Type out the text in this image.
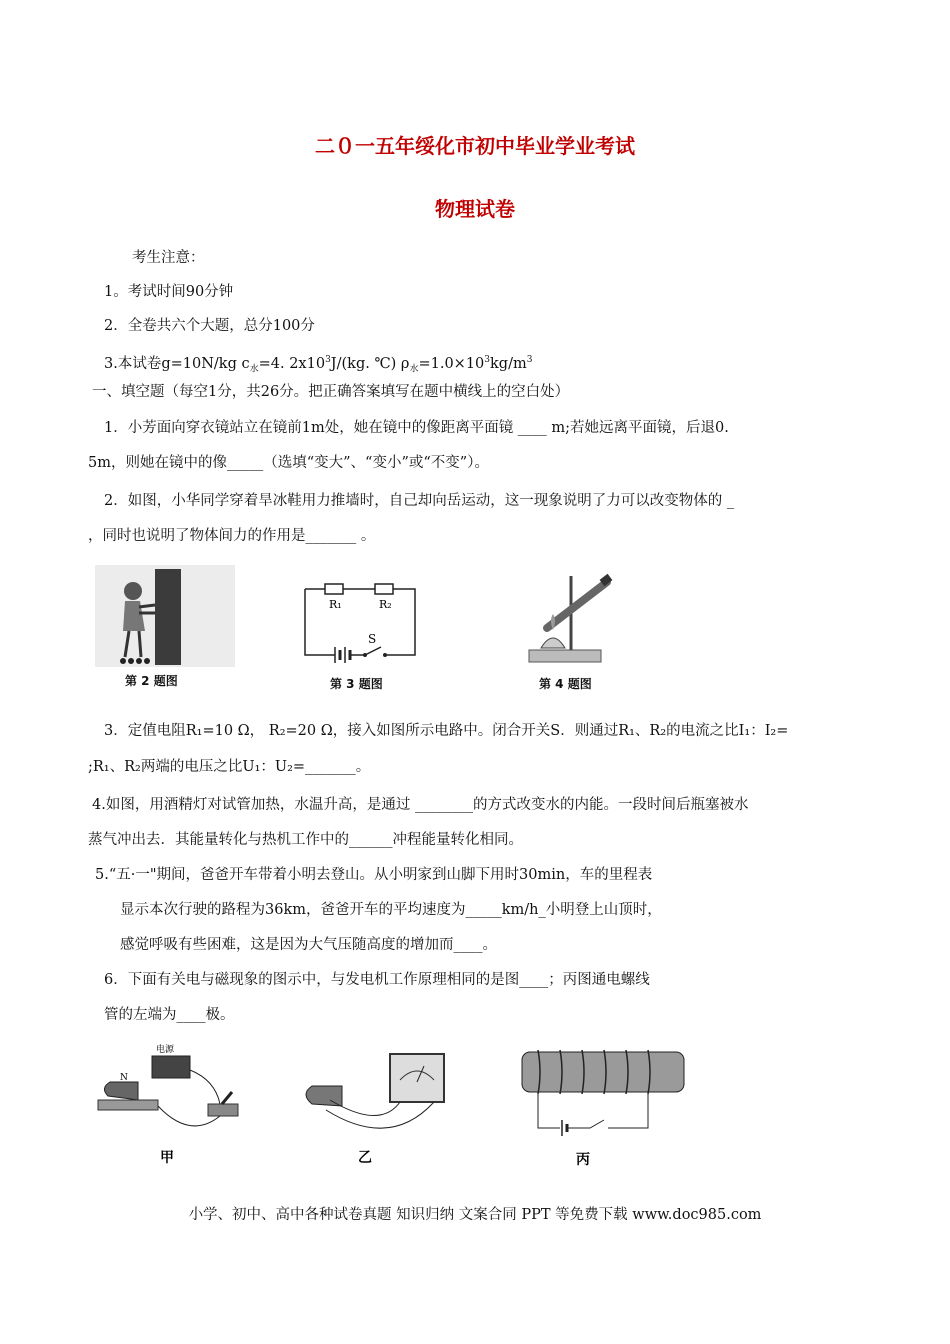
二０一五年绥化市初中毕业学业考试
物理试卷
考生注意：
1。考试时间90分钟
2．全卷共六个大题，总分100分
3.本试卷g=10N/kg $c_水=4$. $2x10^3J/(kg$. ℃) $\rho_水=1.0\times 10^3kg/m^3$
一、填空题（每空1分，共26分。把正确答案填写在题中横线上的空白处）
1．小芳面向穿衣镜站立在镜前1m处，她在镜中的像距离平面镜 ____ m;若她远离平面镜，后退0.
5m，则她在镜中的像_____（选填“变大”、“变小”或“不变”）。
2．如图，小华同学穿着旱冰鞋用力推墙时，自己却向岳运动，这一现象说明了力可以改变物体的 _
，同时也说明了物体间力的作用是_______ 。
第 2 题图
R₁	R₂
S
第 3 题图	第 4 题图
3．定值电阻R₁=10 Ω， R₂=20 Ω，接入如图所示电路中。闭合开关S．则通过R₁、R₂的电流之比I₁：I₂=
;R₁、R₂两端的电压之比U₁：U₂=_______。
4.如图，用酒精灯对试管加热，水温升高，是通过 ________的方式改变水的内能。一段时间后瓶塞被水
蒸气冲出去．其能量转化与热机工作中的______冲程能量转化相同。
5.“五·一"期间，爸爸开车带着小明去登山。从小明家到山脚下用时30min，车的里程表
显示本次行驶的路程为36km，爸爸开车的平均速度为_____km/h_小明登上山顶时，
感觉呼吸有些困难，这是因为大气压随高度的增加而____。
6．下面有关电与磁现象的图示中，与发电机工作原理相同的是图____；丙图通电螺线
管的左端为____极。
电源
N
甲	乙	丙
小学、初中、高中各种试卷真题 知识归纳 文案合同 PPT 等免费下载 www.doc985.com
